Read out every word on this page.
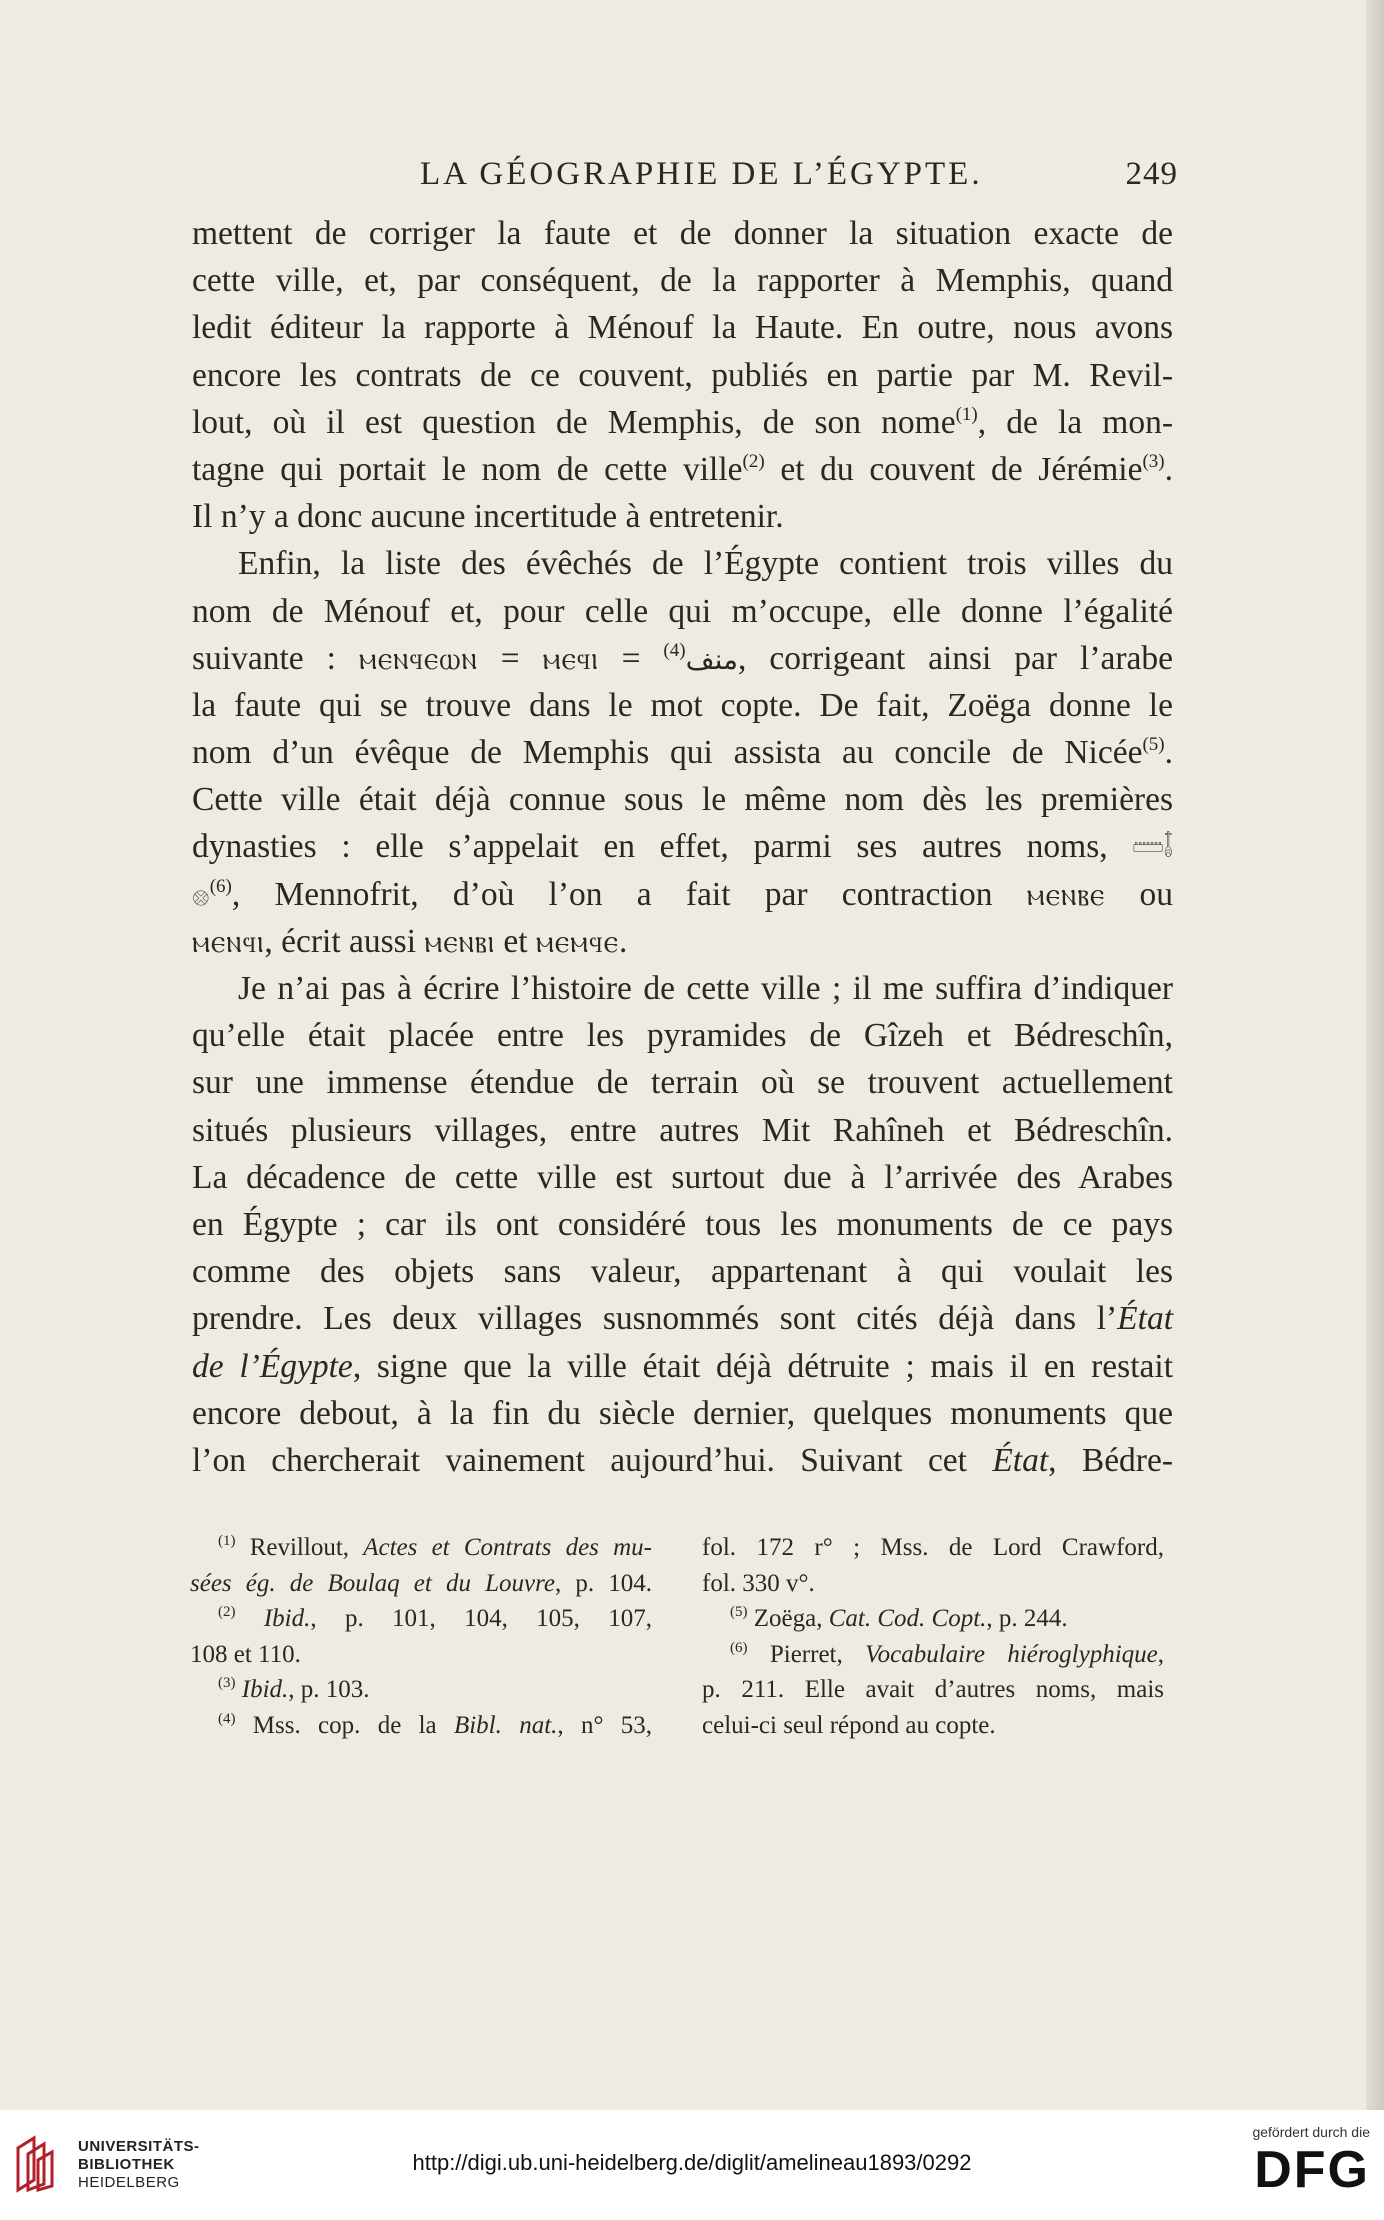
LA GÉOGRAPHIE DE L’ÉGYPTE.	249
mettent de corriger la faute et de donner la situation exacte de
cette ville, et, par conséquent, de la rapporter à Memphis, quand
ledit éditeur la rapporte à Ménouf la Haute. En outre, nous avons
encore les contrats de ce couvent, publiés en partie par M. Revil-
lout, où il est question de Memphis, de son nome$^{(1)}$, de la mon-
tagne qui portait le nom de cette ville$^{(2)}$ et du couvent de Jérémie$^{(3)}$.
Il n’y a donc aucune incertitude à entretenir.
Enfin, la liste des évêchés de l’Égypte contient trois villes du
nom de Ménouf et, pour celle qui m’occupe, elle donne l’égalité
suivante : ⲙⲉⲛϥⲉⲱⲛ = ⲙⲉϥⲓ = منف$^{(4)}$ , corrigeant ainsi par l’arabe
la faute qui se trouve dans le mot copte. De fait, Zoëga donne le
nom d’un évêque de Memphis qui assista au concile de Nicée$^{(5)}$.
Cette ville était déjà connue sous le même nom dès les premières
dynasties : elle s’appelait en effet, parmi ses autres noms, 𓏠𓄤
𓊖$^{(6)}$, Mennofrit, d’où l’on a fait par contraction ⲙⲉⲛⲃⲉ ou
ⲙⲉⲛϥⲓ, écrit aussi ⲙⲉⲛⲃⲓ et ⲙⲉⲙϥⲉ.
Je n’ai pas à écrire l’histoire de cette ville ; il me suffira d’indiquer
qu’elle était placée entre les pyramides de Gîzeh et Bédreschîn,
sur une immense étendue de terrain où se trouvent actuellement
situés plusieurs villages, entre autres Mit Rahîneh et Bédreschîn.
La décadence de cette ville est surtout due à l’arrivée des Arabes
en Égypte ; car ils ont considéré tous les monuments de ce pays
comme des objets sans valeur, appartenant à qui voulait les
prendre. Les deux villages susnommés sont cités déjà dans l’État
de l’Égypte, signe que la ville était déjà détruite ; mais il en restait
encore debout, à la fin du siècle dernier, quelques monuments que
l’on chercherait vainement aujourd’hui. Suivant cet État, Bédre-
$^{(1)}$ Revillout, Actes et Contrats des mu-
sées ég. de Boulaq et du Louvre, p. 104.
$^{(2)}$ Ibid., p. 101, 104, 105, 107,
108 et 110.
$^{(3)}$ Ibid., p. 103.
$^{(4)}$ Mss. cop. de la Bibl. nat., n° 53,
fol. 172 r° ; Mss. de Lord Crawford,
fol. 330 v°.
$^{(5)}$ Zoëga, Cat. Cod. Copt., p. 244.
$^{(6)}$ Pierret, Vocabulaire hiéroglyphique,
p. 211. Elle avait d’autres noms, mais
celui-ci seul répond au copte.
UNIVERSITÄTS-
BIBLIOTHEK
HEIDELBERG
http://digi.ub.uni-heidelberg.de/diglit/amelineau1893/0292
gefördert durch die
DFG
